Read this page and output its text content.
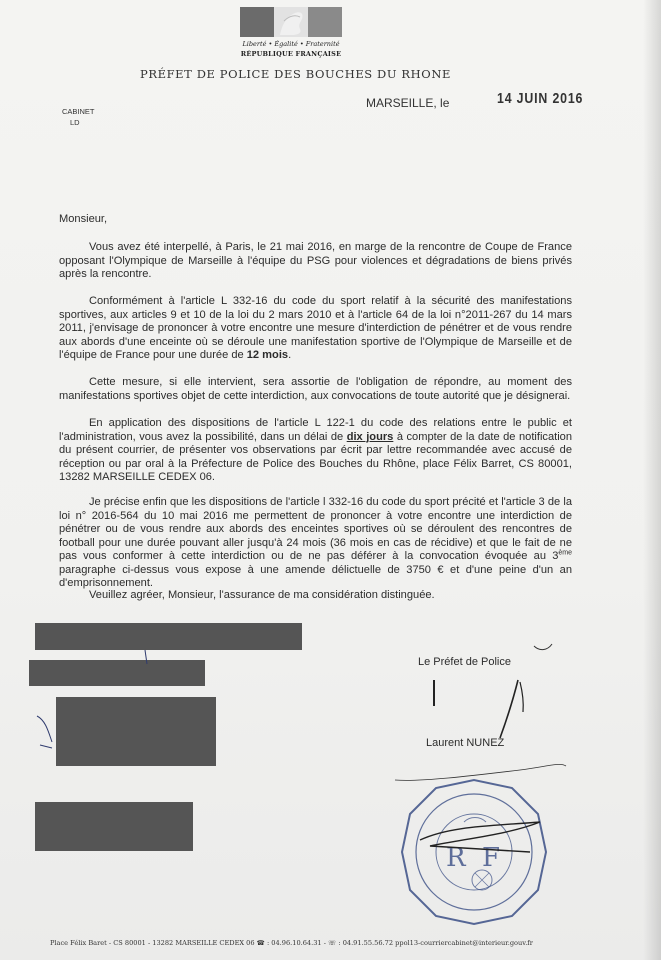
Liberté • Égalité • Fraternité
RÉPUBLIQUE FRANÇAISE
PRÉFET DE POLICE DES BOUCHES DU RHONE
CABINET
LD
MARSEILLE, le	14 JUIN 2016
Monsieur,

Vous avez été interpellé, à Paris, le 21 mai 2016, en marge de la rencontre de Coupe de France opposant l'Olympique de Marseille à l'équipe du PSG pour violences et dégradations de biens privés après la rencontre.

Conformément à l'article L 332-16 du code du sport relatif à la sécurité des manifestations sportives, aux articles 9 et 10 de la loi du 2 mars 2010 et à l'article 64 de la loi n°2011-267 du 14 mars 2011, j'envisage de prononcer à votre encontre une mesure d'interdiction de pénétrer et de vous rendre aux abords d'une enceinte où se déroule une manifestation sportive de l'Olympique de Marseille et de l'équipe de France pour une durée de 12 mois.

Cette mesure, si elle intervient, sera assortie de l'obligation de répondre, au moment des manifestations sportives objet de cette interdiction, aux convocations de toute autorité que je désignerai.

En application des dispositions de l'article L 122-1 du code des relations entre le public et l'administration, vous avez la possibilité, dans un délai de dix jours à compter de la date de notification du présent courrier, de présenter vos observations par écrit par lettre recommandée avec accusé de réception ou par oral à la Préfecture de Police des Bouches du Rhône, place Félix Barret, CS 80001, 13282 MARSEILLE CEDEX 06.

Je précise enfin que les dispositions de l'article l 332-16 du code du sport précité et l'article 3 de la loi n° 2016-564 du 10 mai 2016 me permettent de prononcer à votre encontre une interdiction de pénétrer ou de vous rendre aux abords des enceintes sportives où se déroulent des rencontres de football pour une durée pouvant aller jusqu'à 24 mois (36 mois en cas de récidive) et que le fait de ne pas vous conformer à cette interdiction ou de ne pas déférer à la convocation évoquée au 3ème paragraphe ci-dessus vous expose à une amende délictuelle de 3750 € et d'une peine d'un an d'emprisonnement.

Veuillez agréer, Monsieur, l'assurance de ma considération distinguée.

Le Préfet de Police
Laurent NUNEZ
R F
Place Félix Baret - CS 80001 - 13282 MARSEILLE CEDEX 06 ☎ : 04.96.10.64.31 - ☏ : 04.91.55.56.72 ppol13-courriercabinet@interieur.gouv.fr
